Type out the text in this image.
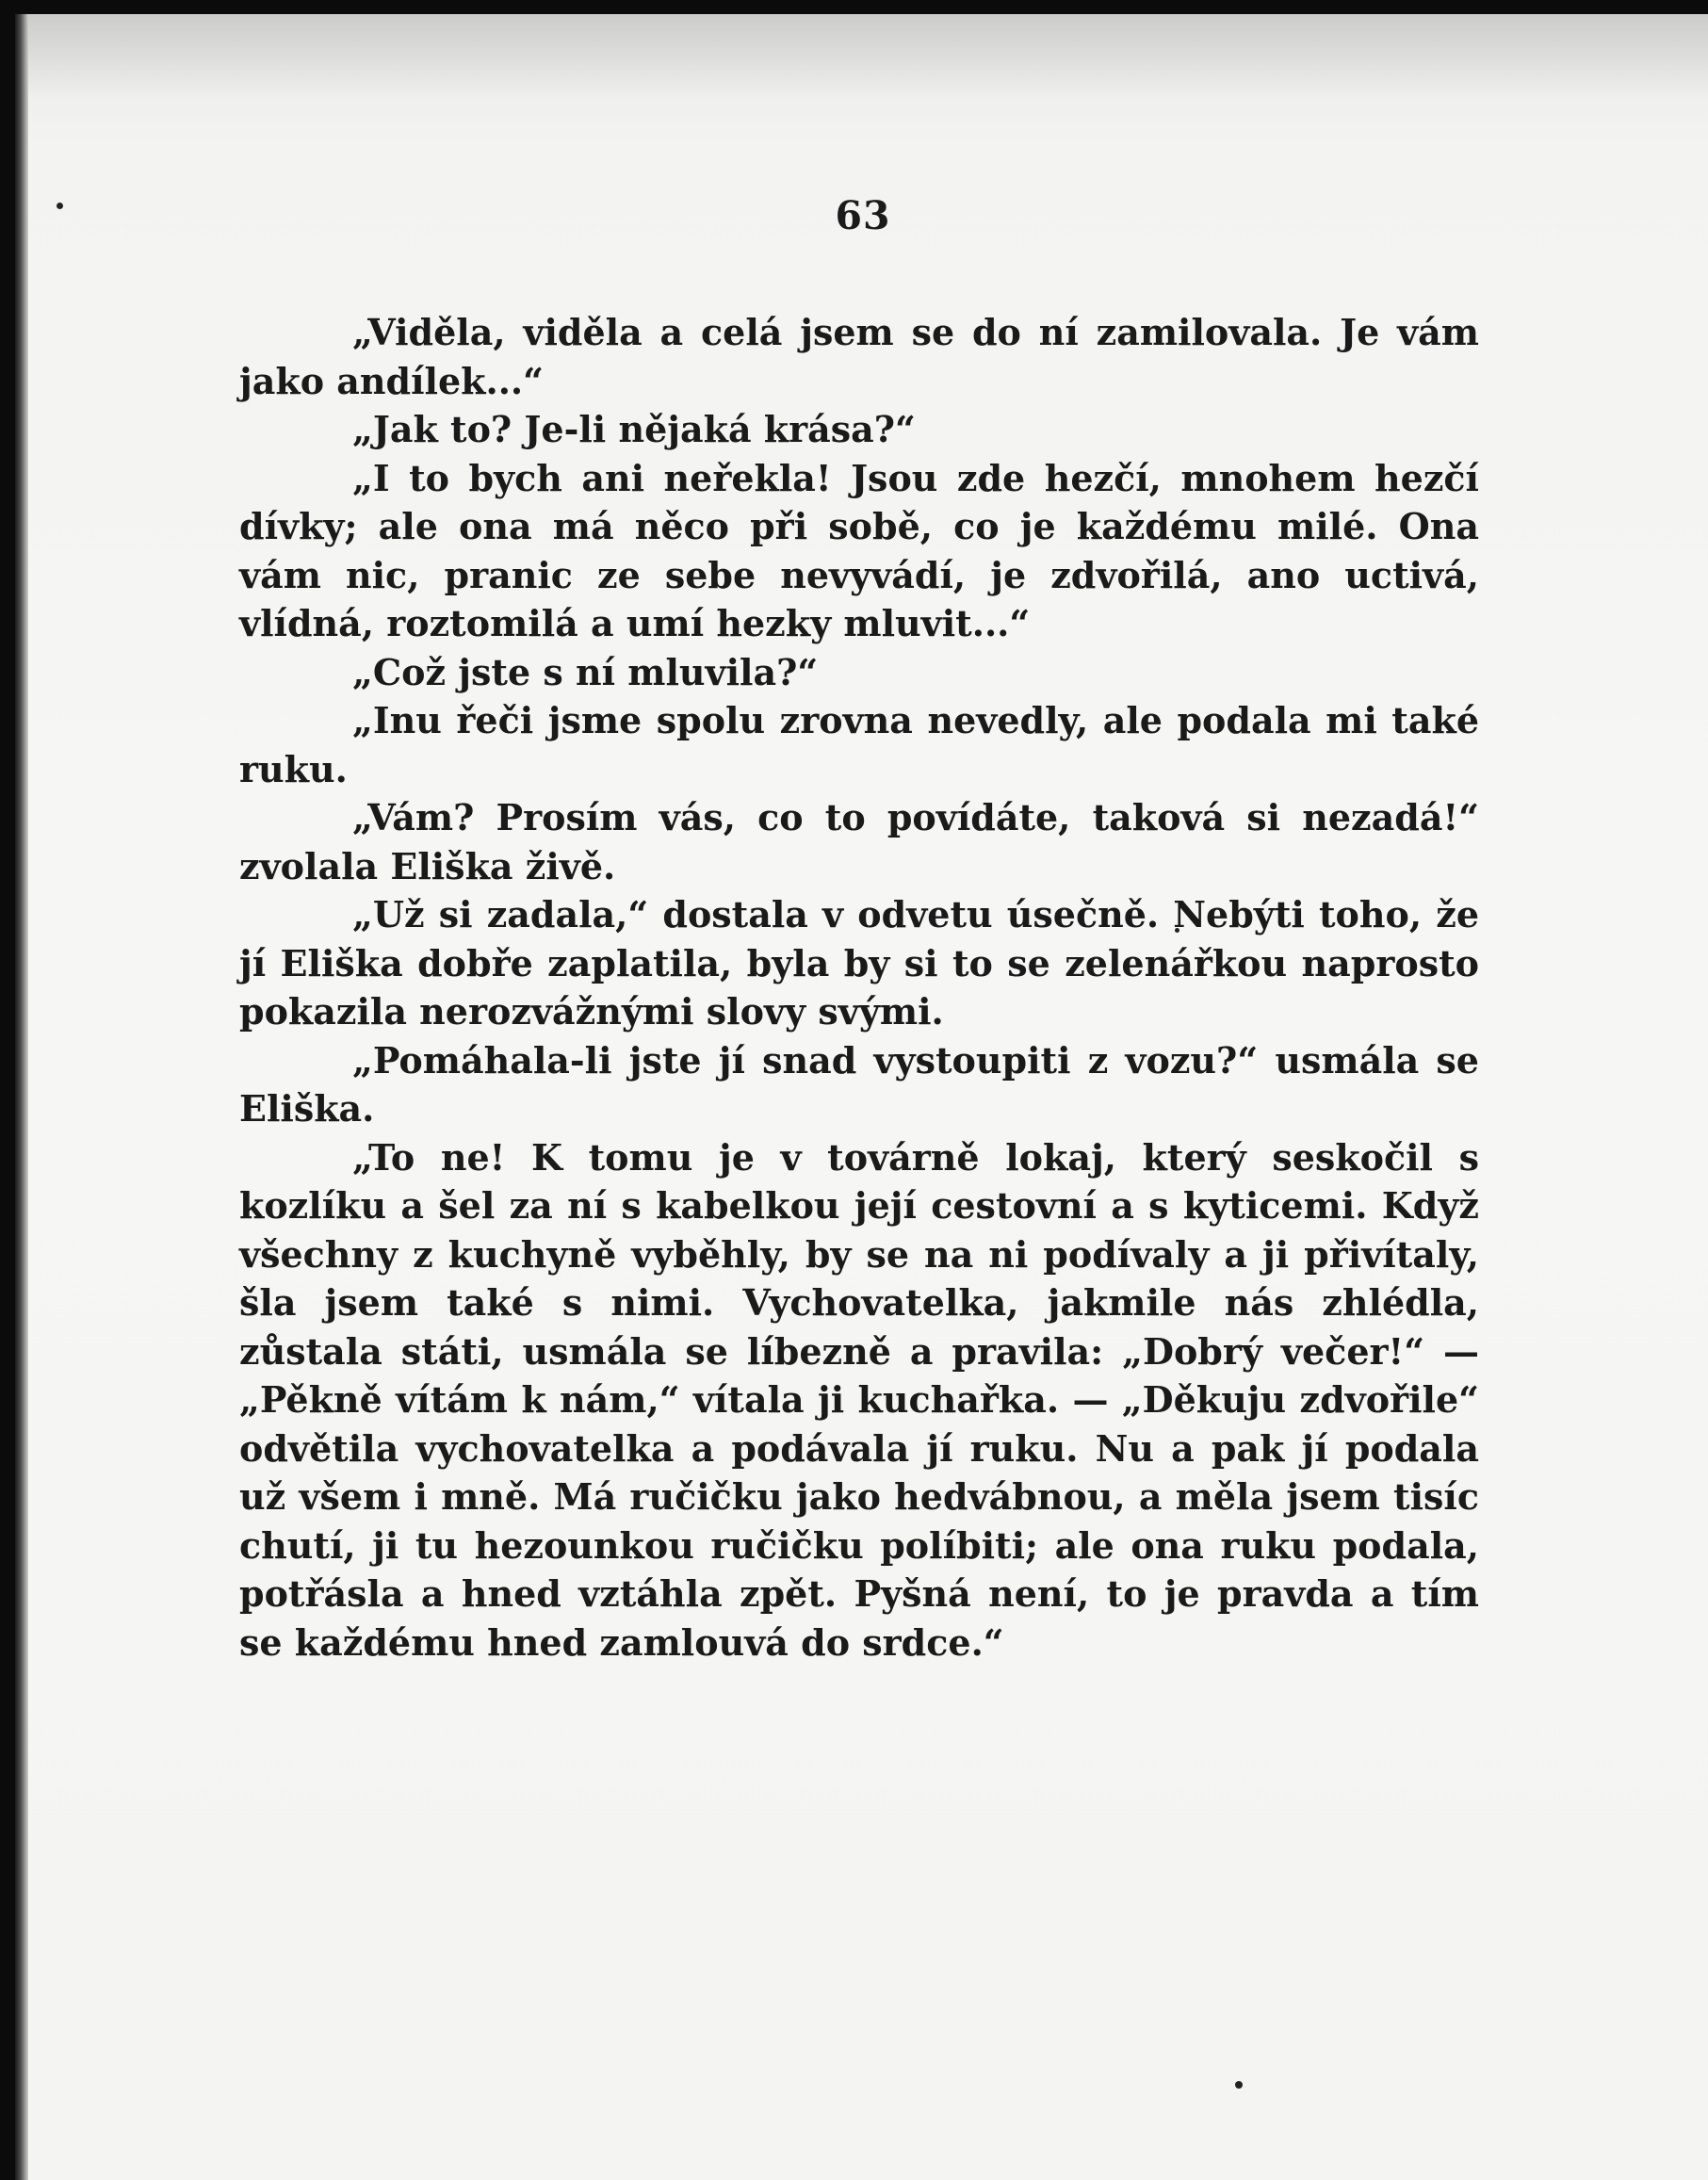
63

„Viděla, viděla a celá jsem se do ní zamilovala. Je vám jako andílek...“

„Jak to? Je-li nějaká krása?“

„I to bych ani neřekla! Jsou zde hezčí, mnohem hezčí dívky; ale ona má něco při sobě, co je každému milé. Ona vám nic, pranic ze sebe nevyvádí, je zdvořilá, ano uctivá, vlídná, roztomilá a umí hezky mluvit...“

„Což jste s ní mluvila?“

„Inu řeči jsme spolu zrovna nevedly, ale podala mi také ruku.

„Vám? Prosím vás, co to povídáte, taková si nezadá!“ zvolala Eliška živě.

„Už si zadala,“ dostala v odvetu úsečně. Nebýti toho, že jí Eliška dobře zaplatila, byla by si to se zelenářkou naprosto pokazila nerozvážnými slovy svými.

„Pomáhala-li jste jí snad vystoupiti z vozu?“ usmála se Eliška.

„To ne! K tomu je v továrně lokaj, který seskočil s kozlíku a šel za ní s kabelkou její cestovní a s kyticemi. Když všechny z kuchyně vyběhly, by se na ni podívaly a ji přivítaly, šla jsem také s nimi. Vychovatelka, jakmile nás zhlédla, zůstala státi, usmála se líbezně a pravila: „Dobrý večer!“ — „Pěkně vítám k nám,“ vítala ji kuchařka. — „Děkuju zdvořile“ odvětila vychovatelka a podávala jí ruku. Nu a pak jí podala už všem i mně. Má ručičku jako hedvábnou, a měla jsem tisíc chutí, ji tu hezounkou ručičku políbiti; ale ona ruku podala, potřásla a hned vztáhla zpět. Pyšná není, to je pravda a tím se každému hned zamlouvá do srdce.“
